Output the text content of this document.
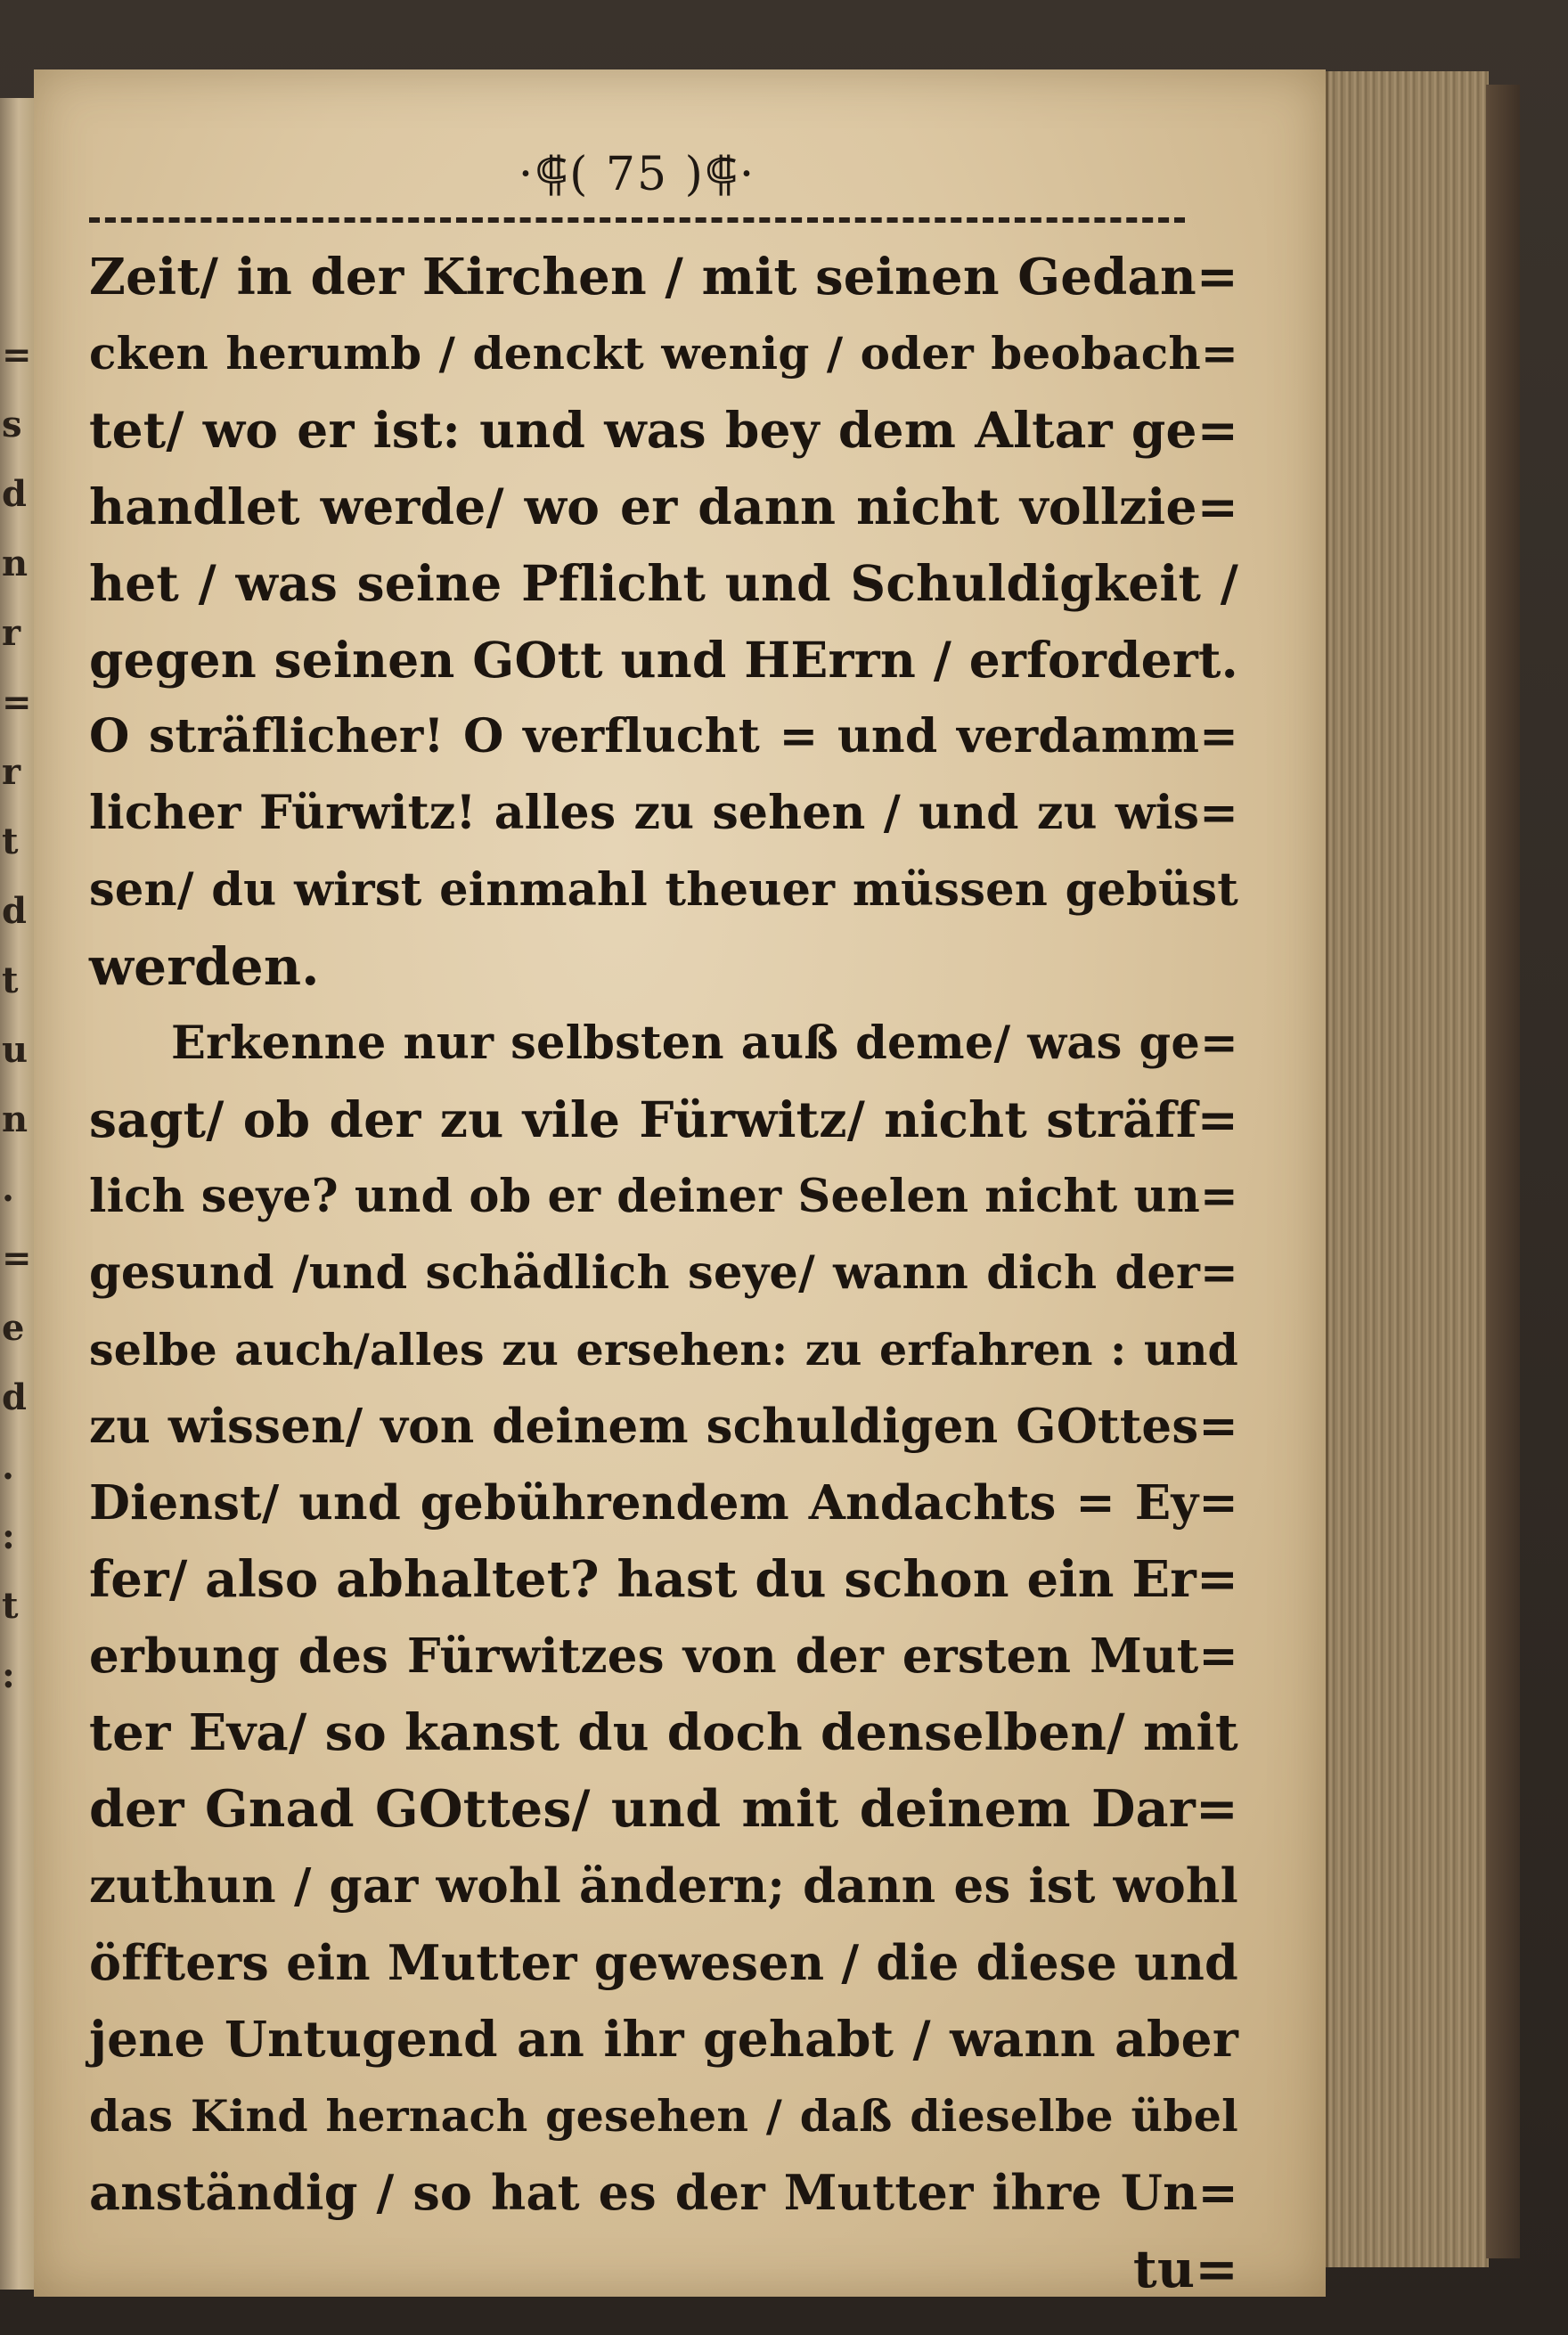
=
s
d
n
r
=
r
t
d
t
u
n
.
=
e
d
.
:
t
:
·⸿( 75 )⸿·
Zeit/ in der Kirchen / mit seinen Gedan=
cken herumb / denckt wenig / oder beobach=
tet/ wo er ist: und was bey dem Altar ge=
handlet werde/ wo er dann nicht vollzie=
het / was seine Pflicht und Schuldigkeit /
gegen seinen GOtt und HErrn / erfordert.
O sträflicher! O verflucht = und verdamm=
licher Fürwitz! alles zu sehen / und zu wis=
sen/ du wirst einmahl theuer müssen gebüst
werden.
Erkenne nur selbsten auß deme/ was ge=
sagt/ ob der zu vile Fürwitz/ nicht sträff=
lich seye? und ob er deiner Seelen nicht un=
gesund /und schädlich seye/ wann dich der=
selbe auch/alles zu ersehen: zu erfahren : und
zu wissen/ von deinem schuldigen GOttes=
Dienst/ und gebührendem Andachts = Ey=
fer/ also abhaltet? hast du schon ein Er=
erbung des Fürwitzes von der ersten Mut=
ter Eva/ so kanst du doch denselben/ mit
der Gnad GOttes/ und mit deinem Dar=
zuthun / gar wohl ändern; dann es ist wohl
öffters ein Mutter gewesen / die diese und
jene Untugend an ihr gehabt / wann aber
das Kind hernach gesehen / daß dieselbe übel
anständig / so hat es der Mutter ihre Un=
tu=
